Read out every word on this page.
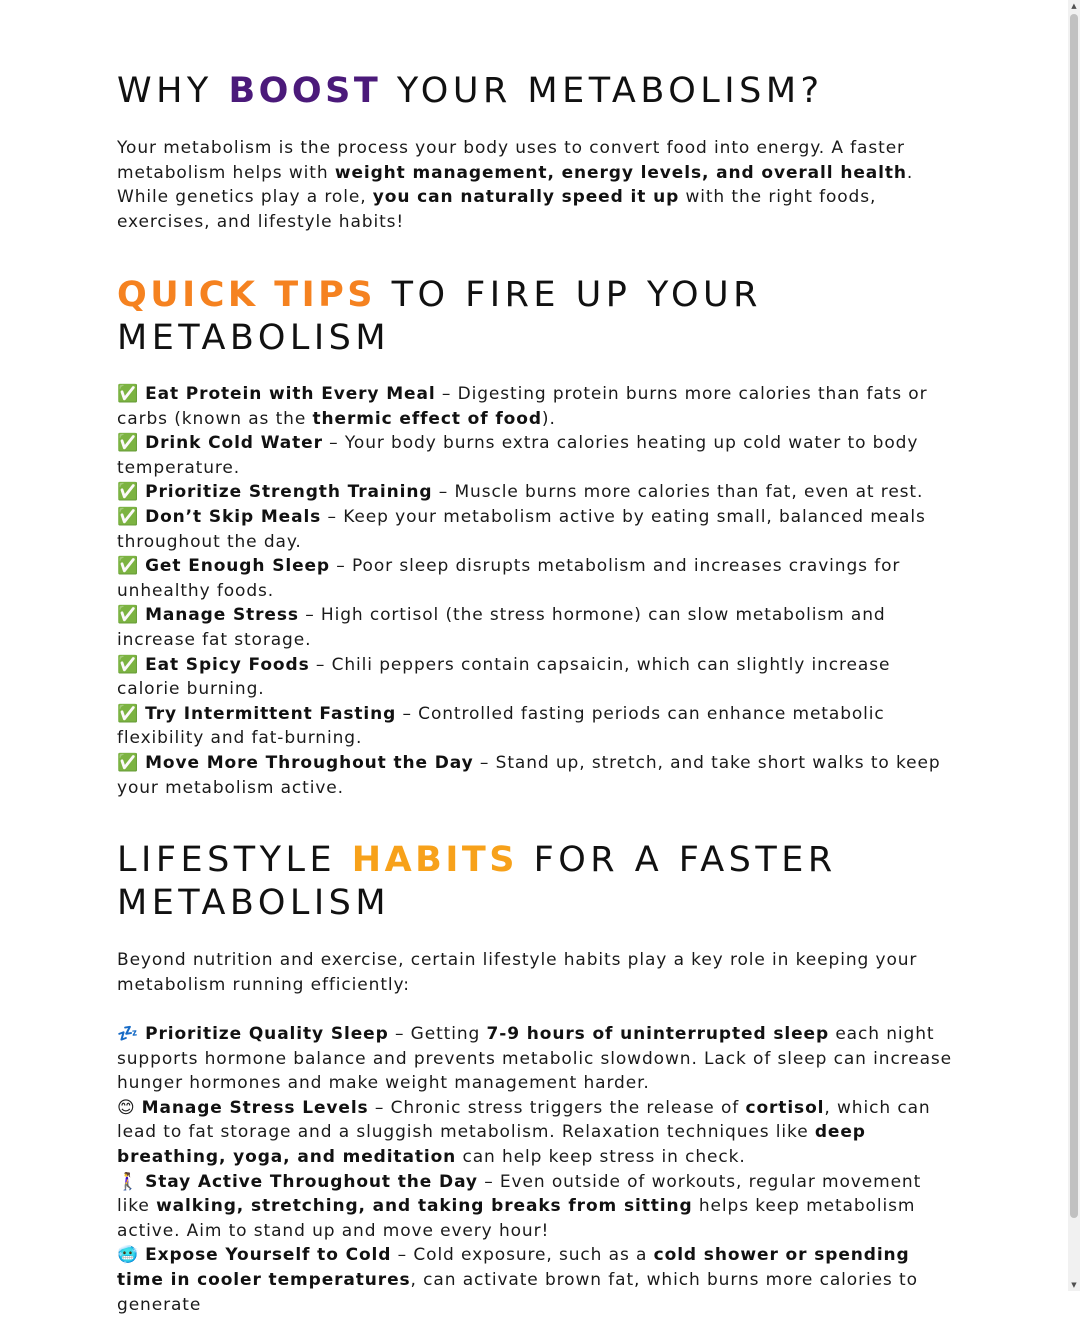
WHY BOOST YOUR METABOLISM?

Your metabolism is the process your body uses to convert food into energy. A faster metabolism helps with weight management, energy levels, and overall health. While genetics play a role, you can naturally speed it up with the right foods, exercises, and lifestyle habits!

QUICK TIPS TO FIRE UP YOUR METABOLISM
✅ Eat Protein with Every Meal – Digesting protein burns more calories than fats or carbs (known as the thermic effect of food).
✅ Drink Cold Water – Your body burns extra calories heating up cold water to body temperature.
✅ Prioritize Strength Training – Muscle burns more calories than fat, even at rest.
✅ Don’t Skip Meals – Keep your metabolism active by eating small, balanced meals throughout the day.
✅ Get Enough Sleep – Poor sleep disrupts metabolism and increases cravings for unhealthy foods.
✅ Manage Stress – High cortisol (the stress hormone) can slow metabolism and increase fat storage.
✅ Eat Spicy Foods – Chili peppers contain capsaicin, which can slightly increase calorie burning.
✅ Try Intermittent Fasting – Controlled fasting periods can enhance metabolic flexibility and fat-burning.
✅ Move More Throughout the Day – Stand up, stretch, and take short walks to keep your metabolism active.
LIFESTYLE HABITS FOR A FASTER METABOLISM

Beyond nutrition and exercise, certain lifestyle habits play a key role in keeping your metabolism running efficiently:

💤 Prioritize Quality Sleep – Getting 7-9 hours of uninterrupted sleep each night supports hormone balance and prevents metabolic slowdown. Lack of sleep can increase hunger hormones and make weight management harder.
😊 Manage Stress Levels – Chronic stress triggers the release of cortisol, which can lead to fat storage and a sluggish metabolism. Relaxation techniques like deep breathing, yoga, and meditation can help keep stress in check.
🚶‍♀️ Stay Active Throughout the Day – Even outside of workouts, regular movement like walking, stretching, and taking breaks from sitting helps keep metabolism active. Aim to stand up and move every hour!
🥶 Expose Yourself to Cold – Cold exposure, such as a cold shower or spending time in cooler temperatures, can activate brown fat, which burns more calories to generate
▲
▼
